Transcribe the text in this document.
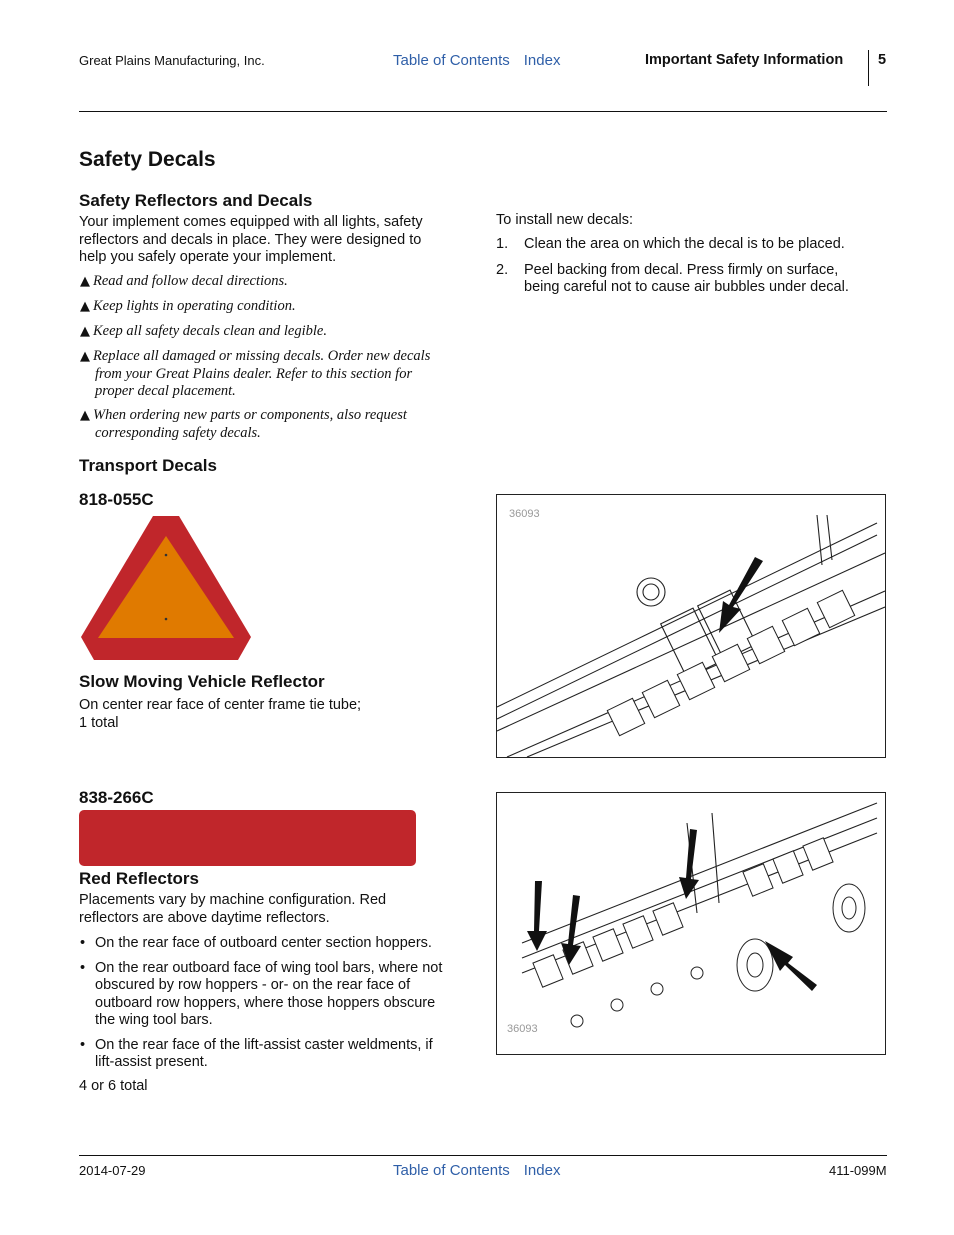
Great Plains Manufacturing, Inc.	Table of Contents Index	Important Safety Information 5
Safety Decals
Safety Reflectors and Decals
Your implement comes equipped with all lights, safety
reflectors and decals in place. They were designed to
help you safely operate your implement.
▲ Read and follow decal directions.
▲ Keep lights in operating condition.
▲ Keep all safety decals clean and legible.
▲ Replace all damaged or missing decals. Order new decals
from your Great Plains dealer. Refer to this section for
proper decal placement.
▲ When ordering new parts or components, also request
corresponding safety decals.
To install new decals:
1. Clean the area on which the decal is to be placed.
2. Peel backing from decal. Press firmly on surface,
being careful not to cause air bubbles under decal.
Transport Decals
818-055C
Slow Moving Vehicle Reflector
On center rear face of center frame tie tube;
1 total
36093
838-266C
Red Reflectors
Placements vary by machine configuration. Red
reflectors are above daytime reflectors.
• On the rear face of outboard center section hoppers.
• On the rear outboard face of wing tool bars, where not
obscured by row hoppers - or- on the rear face of
outboard row hoppers, where those hoppers obscure
the wing tool bars.
• On the rear face of the lift-assist caster weldments, if
lift-assist present.
4 or 6 total
36093
2014-07-29	Table of Contents Index	411-099M
